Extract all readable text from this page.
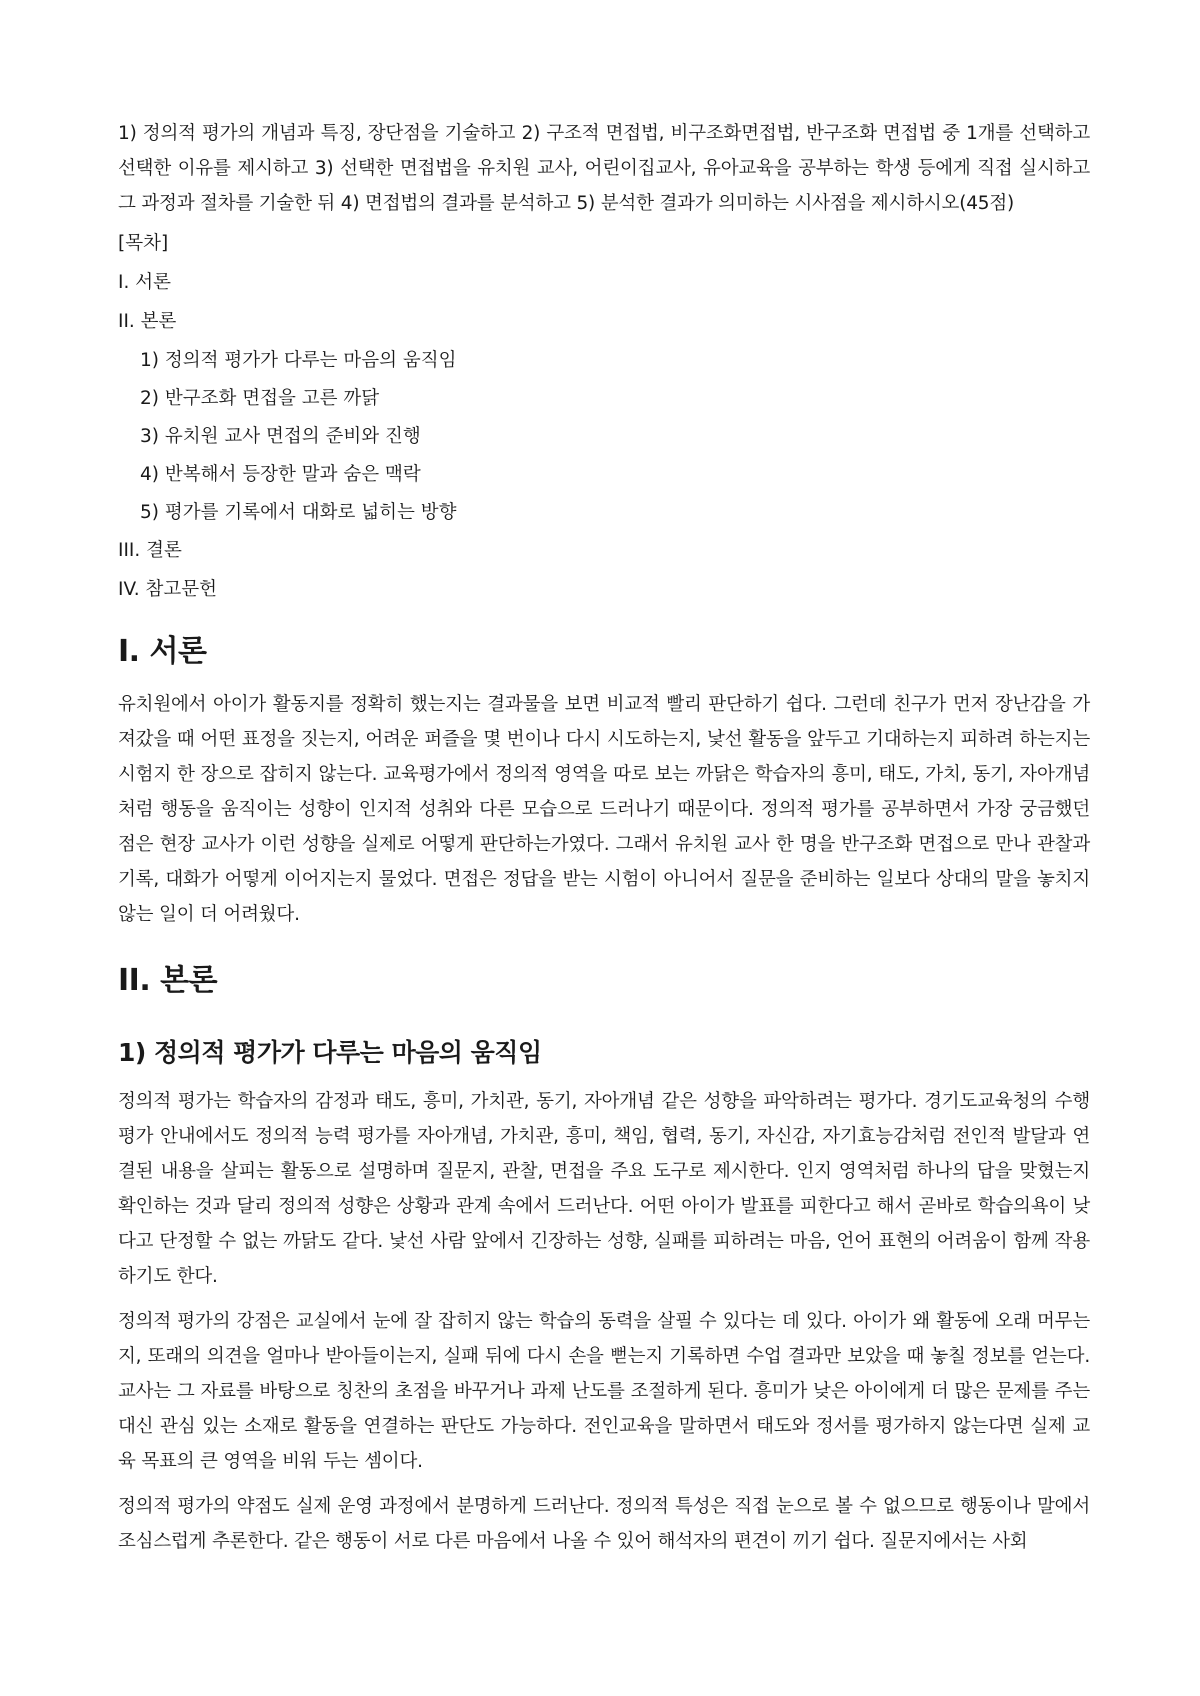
1) 정의적 평가의 개념과 특징, 장단점을 기술하고 2) 구조적 면접법, 비구조화면접법, 반구조화 면접법 중 1개를 선택하고 선택한 이유를 제시하고 3) 선택한 면접법을 유치원 교사, 어린이집교사, 유아교육을 공부하는 학생 등에게 직접 실시하고 그 과정과 절차를 기술한 뒤 4) 면접법의 결과를 분석하고 5) 분석한 결과가 의미하는 시사점을 제시하시오(45점)

[목차]
I. 서론
II. 본론
1) 정의적 평가가 다루는 마음의 움직임
2) 반구조화 면접을 고른 까닭
3) 유치원 교사 면접의 준비와 진행
4) 반복해서 등장한 말과 숨은 맥락
5) 평가를 기록에서 대화로 넓히는 방향
III. 결론
IV. 참고문헌
I. 서론

유치원에서 아이가 활동지를 정확히 했는지는 결과물을 보면 비교적 빨리 판단하기 쉽다. 그런데 친구가 먼저 장난감을 가져갔을 때 어떤 표정을 짓는지, 어려운 퍼즐을 몇 번이나 다시 시도하는지, 낯선 활동을 앞두고 기대하는지 피하려 하는지는 시험지 한 장으로 잡히지 않는다. 교육평가에서 정의적 영역을 따로 보는 까닭은 학습자의 흥미, 태도, 가치, 동기, 자아개념처럼 행동을 움직이는 성향이 인지적 성취와 다른 모습으로 드러나기 때문이다. 정의적 평가를 공부하면서 가장 궁금했던 점은 현장 교사가 이런 성향을 실제로 어떻게 판단하는가였다. 그래서 유치원 교사 한 명을 반구조화 면접으로 만나 관찰과 기록, 대화가 어떻게 이어지는지 물었다. 면접은 정답을 받는 시험이 아니어서 질문을 준비하는 일보다 상대의 말을 놓치지 않는 일이 더 어려웠다.

II. 본론
1) 정의적 평가가 다루는 마음의 움직임

정의적 평가는 학습자의 감정과 태도, 흥미, 가치관, 동기, 자아개념 같은 성향을 파악하려는 평가다. 경기도교육청의 수행평가 안내에서도 정의적 능력 평가를 자아개념, 가치관, 흥미, 책임, 협력, 동기, 자신감, 자기효능감처럼 전인적 발달과 연결된 내용을 살피는 활동으로 설명하며 질문지, 관찰, 면접을 주요 도구로 제시한다. 인지 영역처럼 하나의 답을 맞혔는지 확인하는 것과 달리 정의적 성향은 상황과 관계 속에서 드러난다. 어떤 아이가 발표를 피한다고 해서 곧바로 학습의욕이 낮다고 단정할 수 없는 까닭도 같다. 낯선 사람 앞에서 긴장하는 성향, 실패를 피하려는 마음, 언어 표현의 어려움이 함께 작용하기도 한다.

정의적 평가의 강점은 교실에서 눈에 잘 잡히지 않는 학습의 동력을 살필 수 있다는 데 있다. 아이가 왜 활동에 오래 머무는지, 또래의 의견을 얼마나 받아들이는지, 실패 뒤에 다시 손을 뻗는지 기록하면 수업 결과만 보았을 때 놓칠 정보를 얻는다. 교사는 그 자료를 바탕으로 칭찬의 초점을 바꾸거나 과제 난도를 조절하게 된다. 흥미가 낮은 아이에게 더 많은 문제를 주는 대신 관심 있는 소재로 활동을 연결하는 판단도 가능하다. 전인교육을 말하면서 태도와 정서를 평가하지 않는다면 실제 교육 목표의 큰 영역을 비워 두는 셈이다.

정의적 평가의 약점도 실제 운영 과정에서 분명하게 드러난다. 정의적 특성은 직접 눈으로 볼 수 없으므로 행동이나 말에서 조심스럽게 추론한다. 같은 행동이 서로 다른 마음에서 나올 수 있어 해석자의 편견이 끼기 쉽다. 질문지에서는 사회
